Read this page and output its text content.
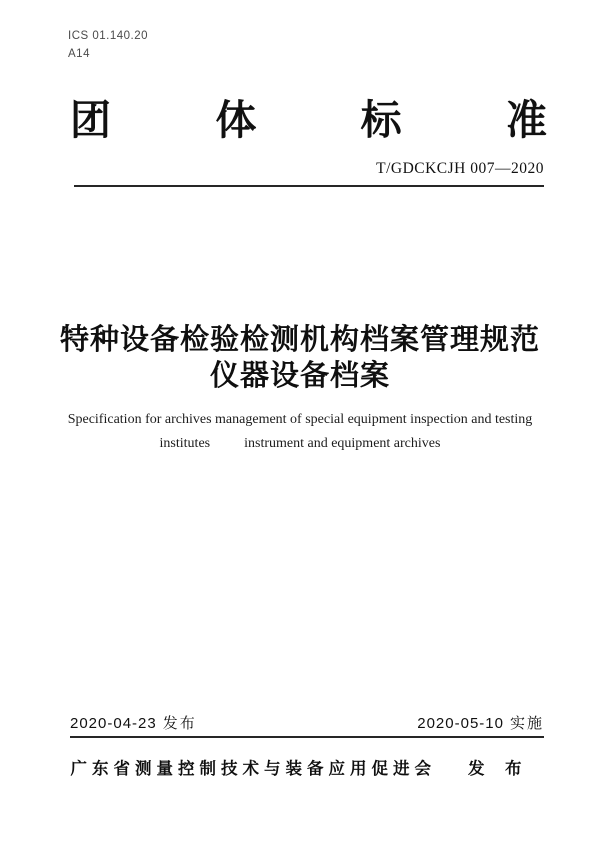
ICS 01.140.20
A14
团	体	标	准
T/GDCKCJH 007—2020
特种设备检验检测机构档案管理规范
仪器设备档案
Specification for archives management of special equipment inspection and testing
institutes instrument and equipment archives
2020-04-23 发布	2020-05-10 实施
广东省测量控制技术与装备应用促进会 发 布
